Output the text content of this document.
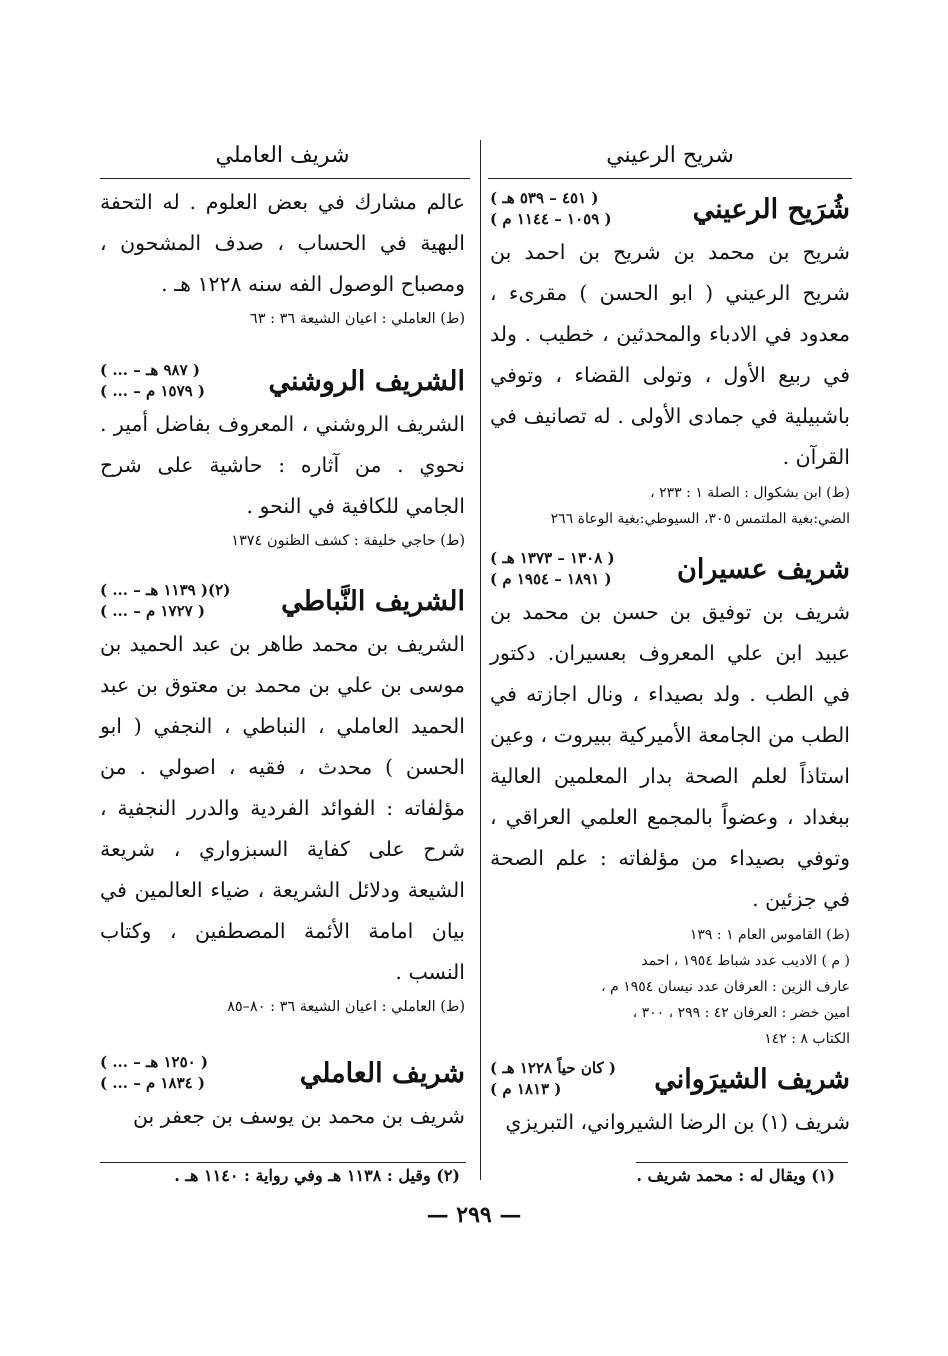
شريح الرعيني
شُرَيح الرعيني
( ٤٥١ – ٥٣٩ هـ )
( ١٠٥٩ – ١١٤٤ م )
شريح بن محمد بن شريح بن احمد بن شريح الرعيني ( ابو الحسن ) مقرىء ، معدود في الادباء والمحدثين ، خطيب . ولد في ربيع الأول ، وتولى القضاء ، وتوفي باشبيلية في جمادى الأولى . له تصانيف في القرآن .
(ط) ابن بشكوال : الصلة ١ : ٢٣٣ ،
الضي:بغية الملتمس ٣٠٥، السيوطي:بغية الوعاة ٢٦٦
شريف عسيران
( ١٣٠٨ – ١٣٧٣ هـ )
( ١٨٩١ – ١٩٥٤ م )
شريف بن توفيق بن حسن بن محمد بن عبيد ابن علي المعروف بعسيران. دكتور في الطب . ولد بصيداء ، ونال اجازته في الطب من الجامعة الأميركية ببيروت ، وعين استاذاً لعلم الصحة بدار المعلمين العالية ببغداد ، وعضواً بالمجمع العلمي العراقي ، وتوفي بصيداء من مؤلفاته : علم الصحة في جزئين .
(ط) القاموس العام ١ : ١٣٩
( م ) الاديب عدد شباط ١٩٥٤ ، احمد
عارف الزين : العرفان عدد نيسان ١٩٥٤ م ،
امين خضر : العرفان ٤٢ : ٢٩٩ ، ٣٠٠ ،
الكتاب ٨ : ١٤٢
شريف الشيرَواني
( كان حياً ١٢٢٨ هـ )
( ١٨١٣ م )
شريف (١) بن الرضا الشيرواني، التبريزي
شريف العاملي
عالم مشارك في بعض العلوم . له التحفة البهية في الحساب ، صدف المشحون ، ومصباح الوصول الفه سنه ١٢٢٨ هـ .
(ط) العاملي : اعيان الشيعة ٣٦ : ٦٣
الشريف الروشني
( ... – ٩٨٧ هـ )
( ... – ١٥٧٩ م )
الشريف الروشني ، المعروف بفاضل أمير . نحوي . من آثاره : حاشية على شرح الجامي للكافية في النحو .
(ط) حاجي خليفة : كشف الظنون ١٣٧٤
الشريف النَّباطي
( ... – ١١٣٩ هـ )(٢)
( ... – ١٧٢٧ م )
الشريف بن محمد طاهر بن عبد الحميد بن موسى بن علي بن محمد بن معتوق بن عبد الحميد العاملي ، النباطي ، النجفي ( ابو الحسن ) محدث ، فقيه ، اصولي . من مؤلفاته : الفوائد الفردية والدرر النجفية ، شرح على كفاية السبزواري ، شريعة الشيعة ودلائل الشريعة ، ضياء العالمين في بيان امامة الأئمة المصطفين ، وكتاب النسب .
(ط) العاملي : اعيان الشيعة ٣٦ : ٨٠–٨٥
شريف العاملي
( ... – ١٢٥٠ هـ )
( ... – ١٨٣٤ م )
شريف بن محمد بن يوسف بن جعفر بن
(١) ويقال له : محمد شريف .
(٢) وقيل : ١١٣٨ هـ وفي رواية : ١١٤٠ هـ .
— ٢٩٩ —
